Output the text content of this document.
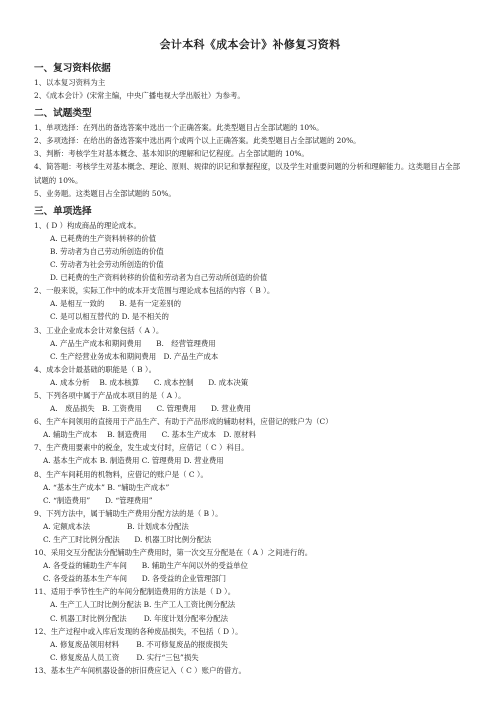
会计本科《成本会计》补修复习资料
一、复习资料依据
1、以本复习资料为主
2、《成本会计》(宋常主编，中央广播电视大学出版社）为参考。
二、试题类型
1、单项选择：在列出的备选答案中选出一个正确答案。此类型题目占全部试题的 10%。
2、多项选择：在给出的备选答案中选出两个或两个以上正确答案。此类型题目占全部试题的 20%。
3、判断：考核学生对基本概念、基本知识的理解和记忆程度。占全部试题的 10%。
4、简答题：考核学生对基本概念、理论、原则、规律的识记和掌握程度，以及学生对重要问题的分析和理解能力。这类题目占全部试题的 10%。
5、业务题。这类题目占全部试题的 50%。
三、单项选择
1、( D ）构成商品的理论成本。
A. 已耗费的生产资料转移的价值
B. 劳动者为自己劳动所创造的价值
C. 劳动者为社会劳动所创造的价值
D. 已耗费的生产资料转移的价值和劳动者为自己劳动所创造的价值
2、一般来说，实际工作中的成本开支范围与理论成本包括的内容（ B ）。
A. 是相互一致的　　B. 是有一定差别的
C. 是可以相互替代的 D. 是不相关的
3、工业企业成本会计对象包括（ A ）。
A. 产品生产成本和期间费用　　B.　经营管理费用
C. 生产经营业务成本和期间费用　D. 产品生产成本
4、成本会计最基础的职能是（ B ）。
A. 成本分析　 B. 成本核算　　C. 成本控制　　D. 成本决策
5、下列各项中属于产品成本项目的是（ A ）。
A.　废品损失　B. 工资费用　　C. 管理费用　　D. 营业费用
6、生产车间领用的直接用于产品生产、有助于产品形成的辅助材料，应借记的账户为（C）
A. 辅助生产成本　 B. 制造费用　　C. 基本生产成本　D. 原材料
7、生产费用要素中的税金，发生或支付时，应借记（ C ）科目。
A. 基本生产成本 B. 制造费用 C. 管理费用 D. 营业费用
8、生产车间耗用的机物料，应借记的账户是（ C ）。
A. “基本生产成本” B. “辅助生产成本”
C. “制造费用”　　D. “管理费用”
9、下列方法中，属于辅助生产费用分配方法的是（ B ）。
A. 定额成本法　　　　　B. 计划成本分配法
C. 生产工时比例分配法　　D. 机器工时比例分配法
10、采用交互分配法分配辅助生产费用时，第一次交互分配是在（ A ）之间进行的。
A. 各受益的辅助生产车间　　B. 辅助生产车间以外的受益单位
C. 各受益的基本生产车间　　D. 各受益的企业管理部门
11、适用于季节性生产的车间分配制造费用的方法是（ D ）。
A. 生产工人工时比例分配法 B. 生产工人工资比例分配法
C. 机器工时比例分配法　　 D. 年度计划分配率分配法
12、生产过程中或入库后发现的各种废品损失，不包括（ D ）。
A. 修复废品领用材料　　 B. 不可修复废品的报废损失
C. 修复废品人员工资　　 D. 实行“三包”损失
13、基本生产车间机器设备的折旧费应记入（ C ）账户的借方。
